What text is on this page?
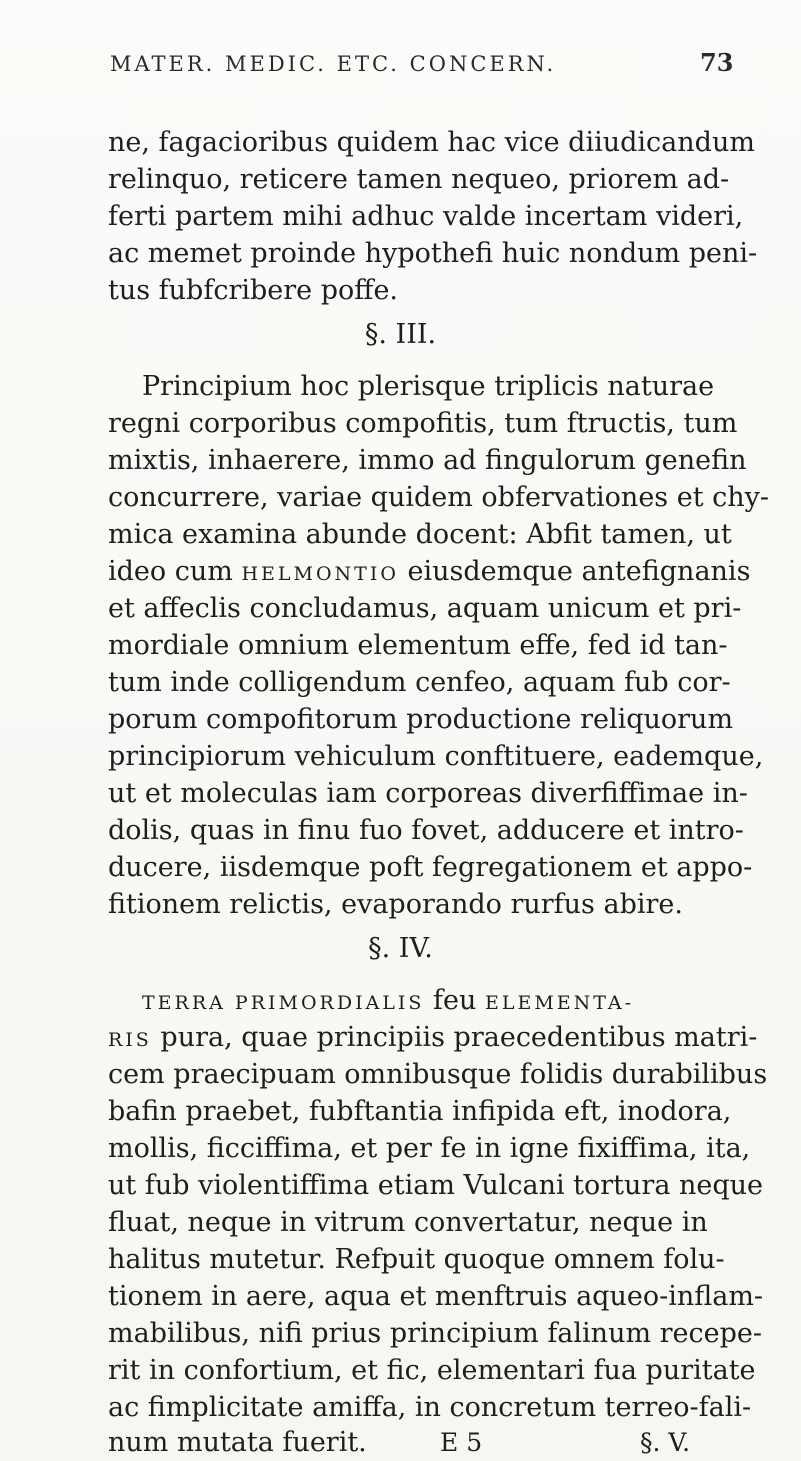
MATER. MEDIC. ETC. CONCERN.	73
ne, fagacioribus quidem hac vice diiudicandum
relinquo, reticere tamen nequeo, priorem ad-
ferti partem mihi adhuc valde incertam videri,
ac memet proinde hypothefi huic nondum peni-
tus fubfcribere poffe.
§. III.
Principium hoc plerisque triplicis naturae
regni corporibus compofitis, tum ftructis, tum
mixtis, inhaerere, immo ad fingulorum genefin
concurrere, variae quidem obfervationes et chy-
mica examina abunde docent: Abfit tamen, ut
ideo cum HELMONTIO eiusdemque antefignanis
et affeclis concludamus, aquam unicum et pri-
mordiale omnium elementum effe, fed id tan-
tum inde colligendum cenfeo, aquam fub cor-
porum compofitorum productione reliquorum
principiorum vehiculum conftituere, eademque,
ut et moleculas iam corporeas diverfiffimae in-
dolis, quas in finu fuo fovet, adducere et intro-
ducere, iisdemque poft fegregationem et appo-
fitionem relictis, evaporando rurfus abire.
§. IV.
TERRA PRIMORDIALIS feu ELEMENTA-
RIS pura, quae principiis praecedentibus matri-
cem praecipuam omnibusque folidis durabilibus
bafin praebet, fubftantia infipida eft, inodora,
mollis, ficciffima, et per fe in igne fixiffima, ita,
ut fub violentiffima etiam Vulcani tortura neque
fluat, neque in vitrum convertatur, neque in
halitus mutetur. Refpuit quoque omnem folu-
tionem in aere, aqua et menftruis aqueo-inflam-
mabilibus, nifi prius principium falinum recepe-
rit in confortium, et fic, elementari fua puritate
ac fimplicitate amiffa, in concretum terreo-fali-
num mutata fuerit.	E 5	§. V.
